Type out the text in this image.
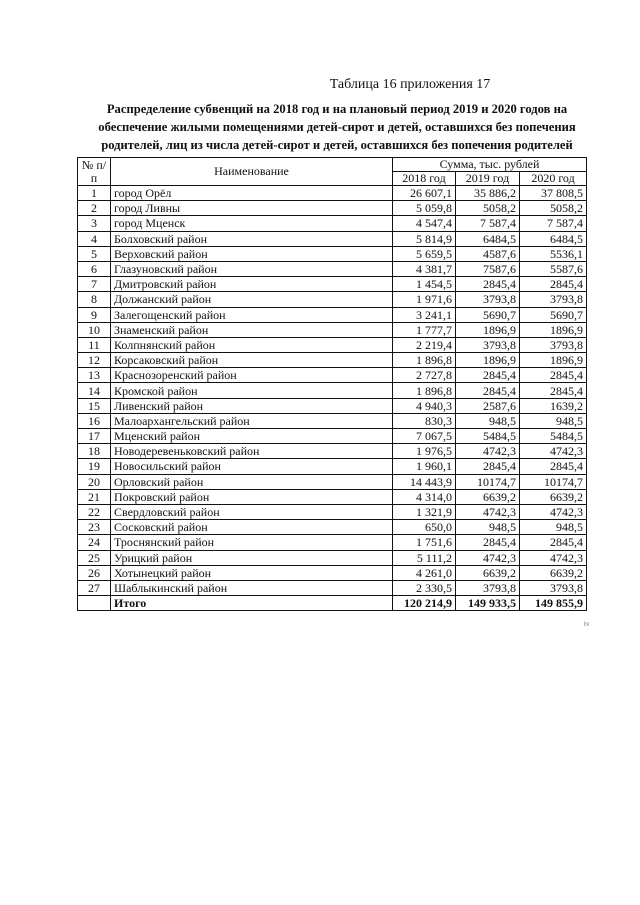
Таблица 16 приложения 17
Распределение субвенций на 2018 год и на плановый период 2019 и 2020 годов на обеспечение жилыми помещениями детей-сирот и детей, оставшихся без попечения родителей, лиц из числа детей-сирот и детей, оставшихся без попечения родителей
№ п/п	Наименование	Сумма, тыс. рублей		
		2018 год	2019 год	2020 год
1	город Орёл	26 607,1	35 886,2	37 808,5
2	город Ливны	5 059,8	5058,2	5058,2
3	город Мценск	4 547,4	7 587,4	7 587,4
4	Болховский район	5 814,9	6484,5	6484,5
5	Верховский район	5 659,5	4587,6	5536,1
6	Глазуновский район	4 381,7	7587,6	5587,6
7	Дмитровский район	1 454,5	2845,4	2845,4
8	Должанский район	1 971,6	3793,8	3793,8
9	Залегощенский район	3 241,1	5690,7	5690,7
10	Знаменский район	1 777,7	1896,9	1896,9
11	Колпнянский район	2 219,4	3793,8	3793,8
12	Корсаковский район	1 896,8	1896,9	1896,9
13	Краснозоренский район	2 727,8	2845,4	2845,4
14	Кромской район	1 896,8	2845,4	2845,4
15	Ливенский район	4 940,3	2587,6	1639,2
16	Малоархангельский район	830,3	948,5	948,5
17	Мценский район	7 067,5	5484,5	5484,5
18	Новодеревеньковский район	1 976,5	4742,3	4742,3
19	Новосильский район	1 960,1	2845,4	2845,4
20	Орловский район	14 443,9	10174,7	10174,7
21	Покровский район	4 314,0	6639,2	6639,2
22	Свердловский район	1 321,9	4742,3	4742,3
23	Сосковский район	650,0	948,5	948,5
24	Троснянский район	1 751,6	2845,4	2845,4
25	Урицкий район	5 111,2	4742,3	4742,3
26	Хотынецкий район	4 261,0	6639,2	6639,2
27	Шаблыкинский район	2 330,5	3793,8	3793,8
	Итого	120 214,9	149 933,5	149 855,9
tv
